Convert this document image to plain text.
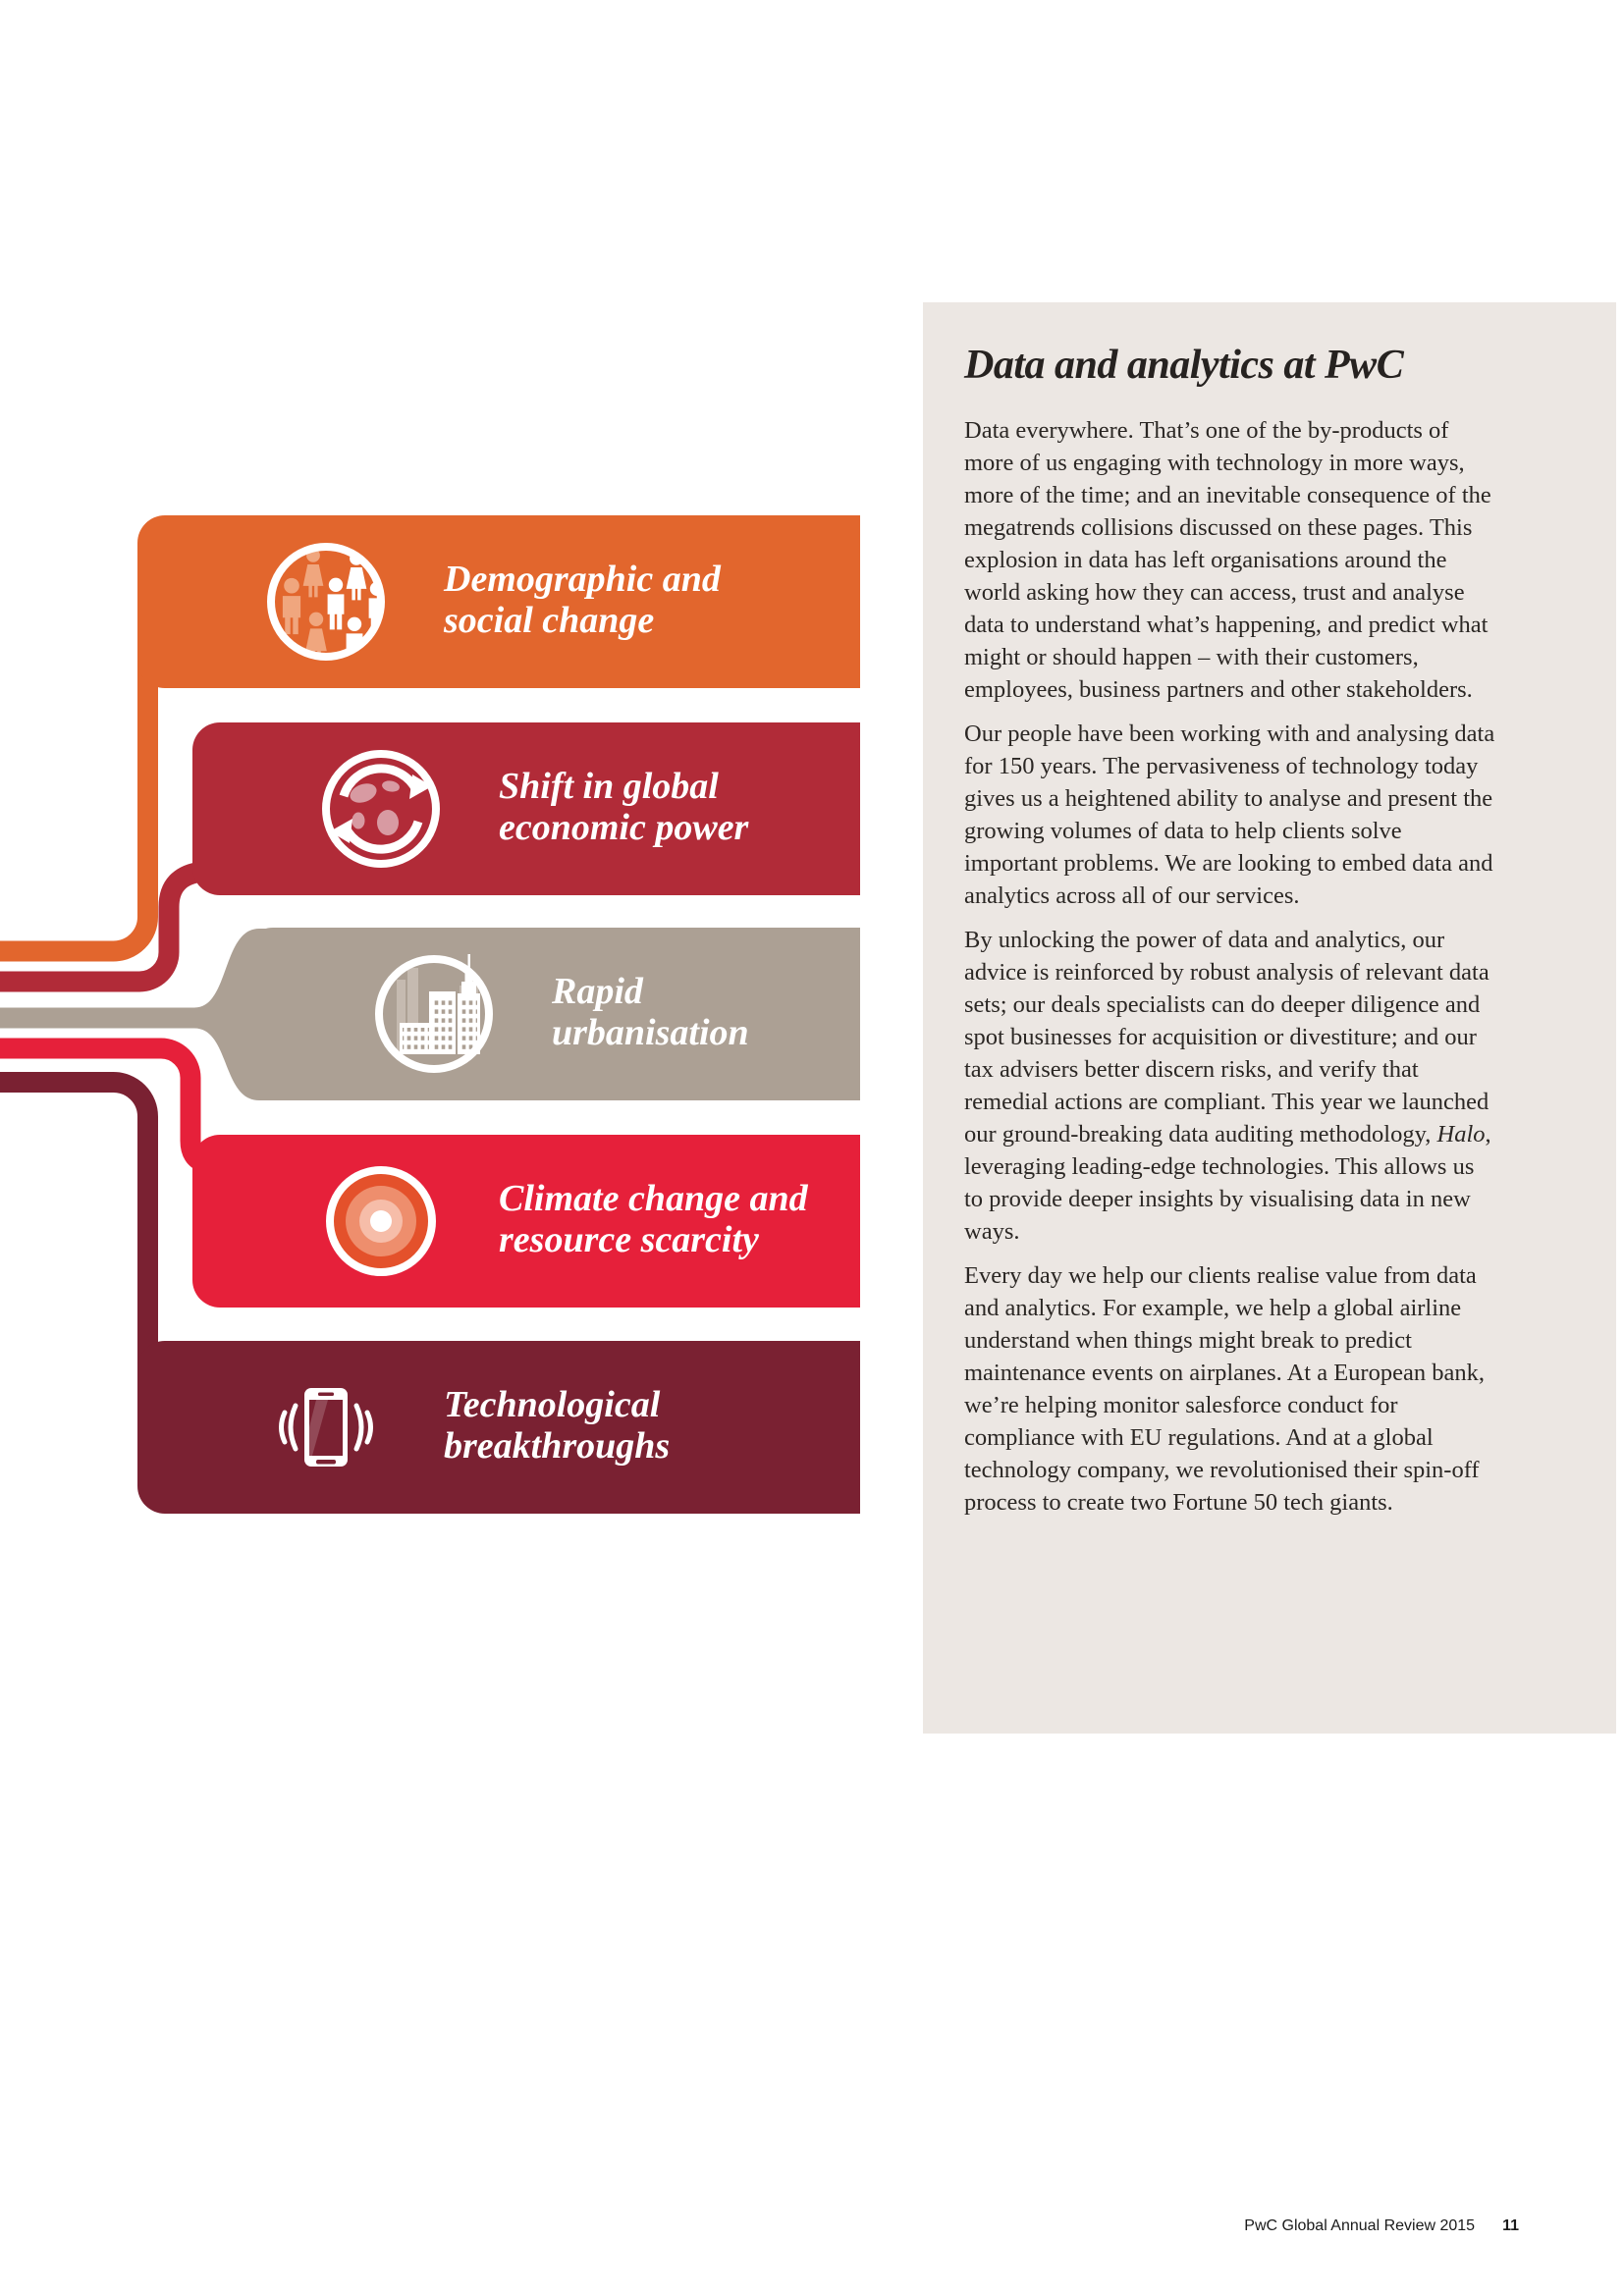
Demographic and
social change
Shift in global
economic power
Rapid
urbanisation
Climate change and
resource scarcity
Technological
breakthroughs
Data and analytics at PwC

Data everywhere. That’s one of the by-products of more of us engaging with technology in more ways, more of the time; and an inevitable consequence of the megatrends collisions discussed on these pages. This explosion in data has left organisations around the world asking how they can access, trust and analyse data to understand what’s happening, and predict what might or should happen – with their customers, employees, business partners and other stakeholders.

Our people have been working with and analysing data for 150 years. The pervasiveness of technology today gives us a heightened ability to analyse and present the growing volumes of data to help clients solve important problems. We are looking to embed data and analytics across all of our services.

By unlocking the power of data and analytics, our advice is reinforced by robust analysis of relevant data sets; our deals specialists can do deeper diligence and spot businesses for acquisition or divestiture; and our tax advisers better discern risks, and verify that remedial actions are compliant. This year we launched our ground-breaking data auditing methodology, Halo, leveraging leading-edge technologies. This allows us to provide deeper insights by visualising data in new ways.

Every day we help our clients realise value from data and analytics. For example, we help a global airline understand when things might break to predict maintenance events on airplanes. At a European bank, we’re helping monitor salesforce conduct for compliance with EU regulations. And at a global technology company, we revolutionised their spin-off process to create two Fortune 50 tech giants.

PwC Global Annual Review 2015 11
